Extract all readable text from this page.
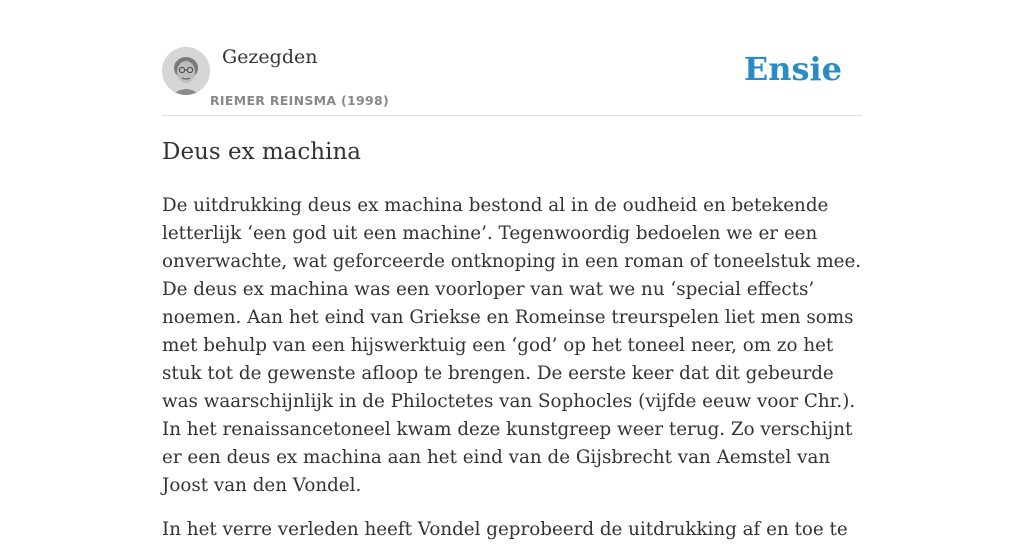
Gezegden
RIEMER REINSMA (1998)
Ensie
Deus ex machina

De uitdrukking deus ex machina bestond al in de oudheid en betekende letterlijk ‘een god uit een machine’. Tegenwoordig bedoelen we er een onverwachte, wat geforceerde ontknoping in een roman of toneelstuk mee. De deus ex machina was een voorloper van wat we nu ‘special effects’ noemen. Aan het eind van Griekse en Romeinse treurspelen liet men soms met behulp van een hijswerktuig een ‘god’ op het toneel neer, om zo het stuk tot de gewenste afloop te brengen. De eerste keer dat dit gebeurde was waarschijnlijk in de Philoctetes van Sophocles (vijfde eeuw voor Chr.). In het renaissancetoneel kwam deze kunstgreep weer terug. Zo verschijnt er een deus ex machina aan het eind van de Gijsbrecht van Aemstel van Joost van den Vondel.

In het verre verleden heeft Vondel geprobeerd de uitdrukking af en toe te
